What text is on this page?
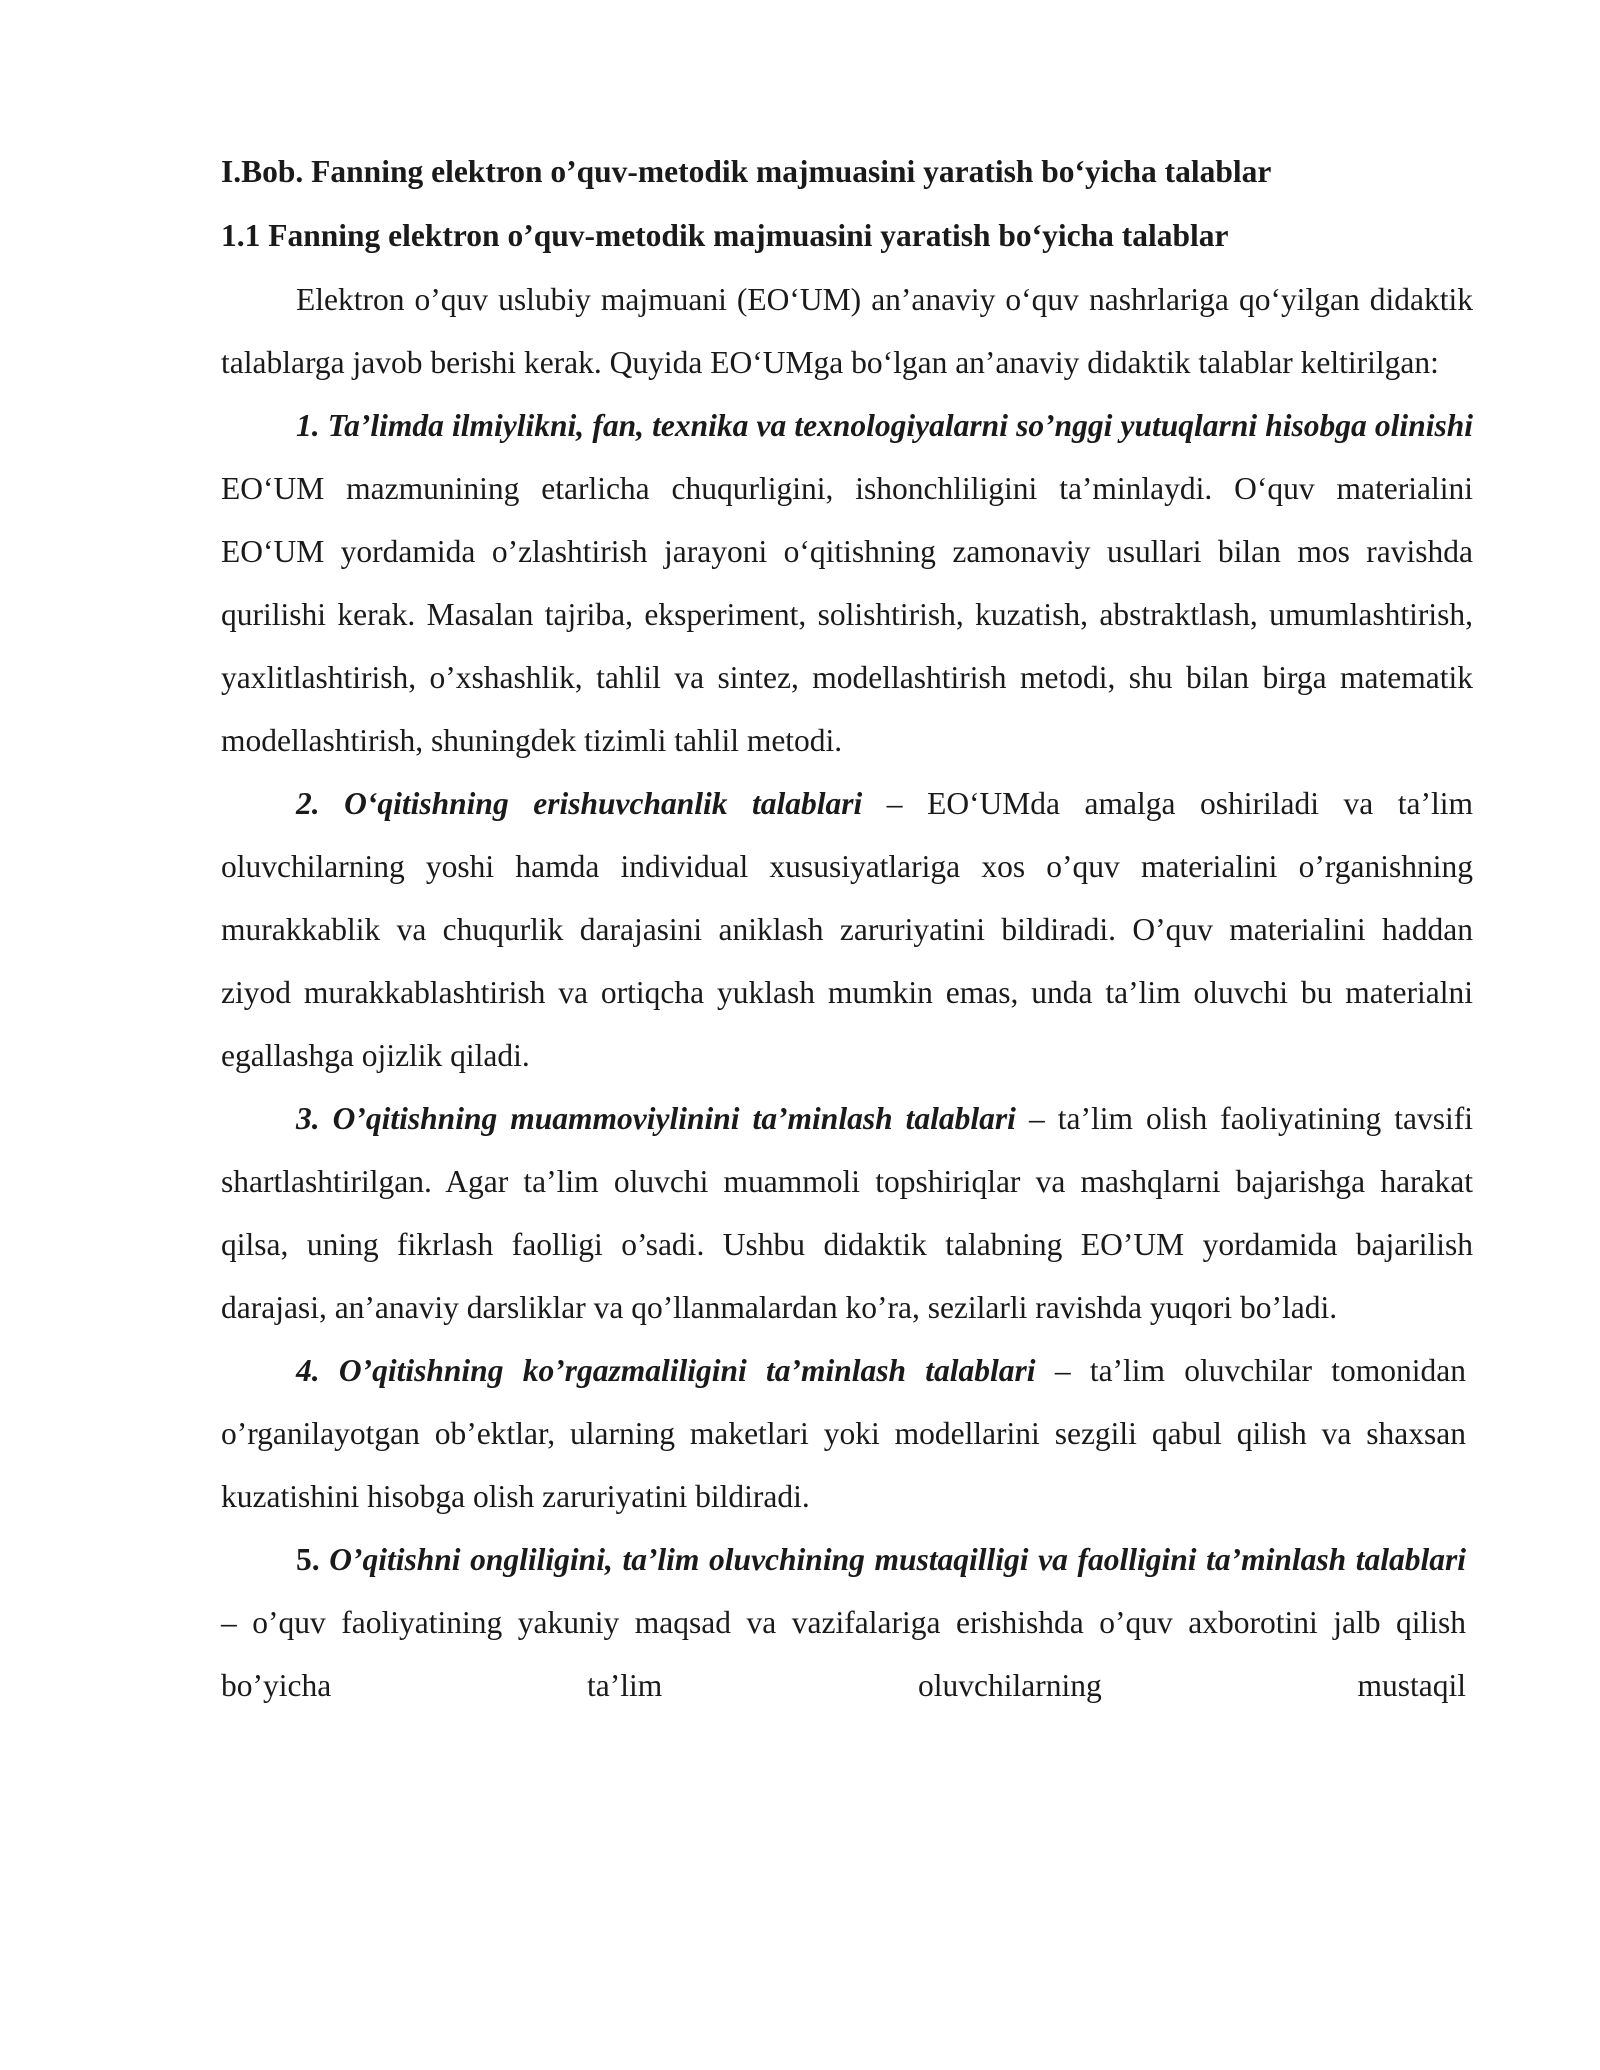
I.Bob. Fanning elektron o’quv-metodik majmuasini yaratish bo‘yicha talablar

1.1 Fanning elektron o’quv-metodik majmuasini yaratish bo‘yicha talablar

Elektron o’quv uslubiy majmuani (EO‘UM) an’anaviy o‘quv nashrlariga qo‘yilgan didaktik talablarga javob berishi kerak. Quyida EO‘UMga bo‘lgan an’anaviy didaktik talablar keltirilgan:

1. Ta’limda ilmiylikni, fan, texnika va texnologiyalarni so’nggi yutuqlarni hisobga olinishi EO‘UM mazmunining etarlicha chuqurligini, ishonchliligini ta’minlaydi. O‘quv materialini EO‘UM yordamida o’zlashtirish jarayoni o‘qitishning zamonaviy usullari bilan mos ravishda qurilishi kerak. Masalan tajriba, eksperiment, solishtirish, kuzatish, abstraktlash, umumlashtirish, yaxlitlashtirish, o’xshashlik, tahlil va sintez, modellashtirish metodi, shu bilan birga matematik modellashtirish, shuningdek tizimli tahlil metodi.

2. O‘qitishning erishuvchanlik talablari – EO‘UMda amalga oshiriladi va ta’lim oluvchilarning yoshi hamda individual xususiyatlariga xos o’quv materialini o’rganishning murakkablik va chuqurlik darajasini aniklash zaruriyatini bildiradi. O’quv materialini haddan ziyod murakkablashtirish va ortiqcha yuklash mumkin emas, unda ta’lim oluvchi bu materialni egallashga ojizlik qiladi.

3. O’qitishning muammoviylinini ta’minlash talablari – ta’lim olish faoliyatining tavsifi shartlashtirilgan. Agar ta’lim oluvchi muammoli topshiriqlar va mashqlarni bajarishga harakat qilsa, uning fikrlash faolligi o’sadi. Ushbu didaktik talabning EO’UM yordamida bajarilish darajasi, an’anaviy darsliklar va qo’llanmalardan ko’ra, sezilarli ravishda yuqori bo’ladi.

4. O’qitishning ko’rgazmaliligini ta’minlash talablari – ta’lim oluvchilar tomonidan o’rganilayotgan ob’ektlar, ularning maketlari yoki modellarini sezgili qabul qilish va shaxsan kuzatishini hisobga olish zaruriyatini bildiradi.

5. O’qitishni ongliligini, ta’lim oluvchining mustaqilligi va faolligini ta’minlash talablari – o’quv faoliyatining yakuniy maqsad va vazifalariga erishishda o’quv axborotini jalb qilish bo’yicha ta’lim oluvchilarning mustaqil
